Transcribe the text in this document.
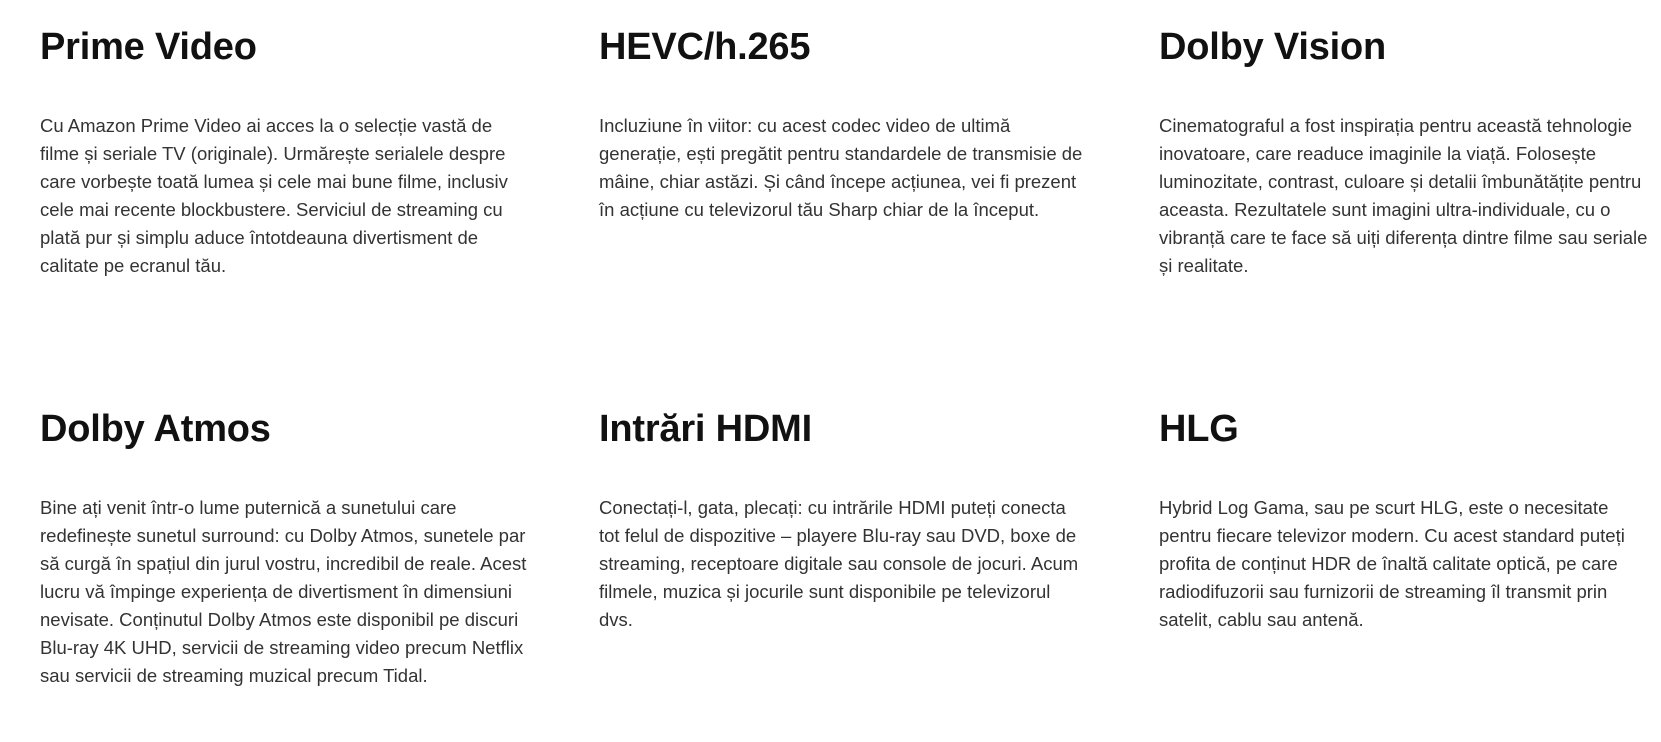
Prime Video

Cu Amazon Prime Video ai acces la o selecție vastă de filme și seriale TV (originale). Urmărește serialele despre care vorbește toată lumea și cele mai bune filme, inclusiv cele mai recente blockbustere. Serviciul de streaming cu plată pur și simplu aduce întotdeauna divertisment de calitate pe ecranul tău.

HEVC/h.265

Incluziune în viitor: cu acest codec video de ultimă generație, ești pregătit pentru standardele de transmisie de mâine, chiar astăzi. Și când începe acțiunea, vei fi prezent în acțiune cu televizorul tău Sharp chiar de la început.

Dolby Vision

Cinematograful a fost inspirația pentru această tehnologie inovatoare, care readuce imaginile la viață. Folosește luminozitate, contrast, culoare și detalii îmbunătățite pentru aceasta. Rezultatele sunt imagini ultra-individuale, cu o vibranță care te face să uiți diferența dintre filme sau seriale și realitate.

Dolby Atmos

Bine ați venit într-o lume puternică a sunetului care redefinește sunetul surround: cu Dolby Atmos, sunetele par să curgă în spațiul din jurul vostru, incredibil de reale. Acest lucru vă împinge experiența de divertisment în dimensiuni nevisate. Conținutul Dolby Atmos este disponibil pe discuri Blu-ray 4K UHD, servicii de streaming video precum Netflix sau servicii de streaming muzical precum Tidal.

Intrări HDMI

Conectați-l, gata, plecați: cu intrările HDMI puteți conecta tot felul de dispozitive – playere Blu-ray sau DVD, boxe de streaming, receptoare digitale sau console de jocuri. Acum filmele, muzica și jocurile sunt disponibile pe televizorul dvs.

HLG

Hybrid Log Gama, sau pe scurt HLG, este o necesitate pentru fiecare televizor modern. Cu acest standard puteți profita de conținut HDR de înaltă calitate optică, pe care radiodifuzorii sau furnizorii de streaming îl transmit prin satelit, cablu sau antenă.
